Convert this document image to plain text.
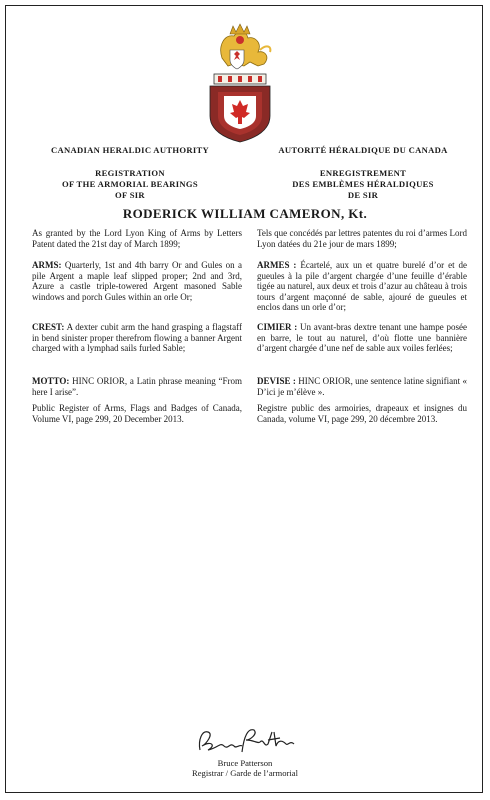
CANADIAN HERALDIC AUTHORITY
REGISTRATION
OF THE ARMORIAL BEARINGS
OF SIR
AUTORITÉ HÉRALDIQUE DU CANADA
ENREGISTREMENT
DES EMBLÈMES HÉRALDIQUES
DE SIR
RODERICK WILLIAM CAMERON, Kt.

As granted by the Lord Lyon King of Arms by Letters Patent dated the 21st day of March 1899;

ARMS: Quarterly, 1st and 4th barry Or and Gules on a pile Argent a maple leaf slipped proper; 2nd and 3rd, Azure a castle triple-towered Argent masoned Sable windows and porch Gules within an orle Or;

CREST: A dexter cubit arm the hand grasping a flagstaff in bend sinister proper therefrom flowing a banner Argent charged with a lymphad sails furled Sable;

MOTTO: HINC ORIOR, a Latin phrase meaning “From here I arise”.

Public Register of Arms, Flags and Badges of Canada, Volume VI, page 299, 20 December 2013.

Tels que concédés par lettres patentes du roi d’armes Lord Lyon datées du 21e jour de mars 1899;

ARMES : Écartelé, aux un et quatre burelé d’or et de gueules à la pile d’argent chargée d’une feuille d’érable tigée au naturel, aux deux et trois d’azur au château à trois tours d’argent maçonné de sable, ajouré de gueules et enclos dans un orle d’or;

CIMIER : Un avant-bras dextre tenant une hampe posée en barre, le tout au naturel, d’où flotte une bannière d’argent chargée d’une nef de sable aux voiles ferlées;

DEVISE : HINC ORIOR, une sentence latine signifiant « D’ici je m’élève ».

Registre public des armoiries, drapeaux et insignes du Canada, volume VI, page 299, 20 décembre 2013.

Bruce Patterson
Registrar / Garde de l’armorial
